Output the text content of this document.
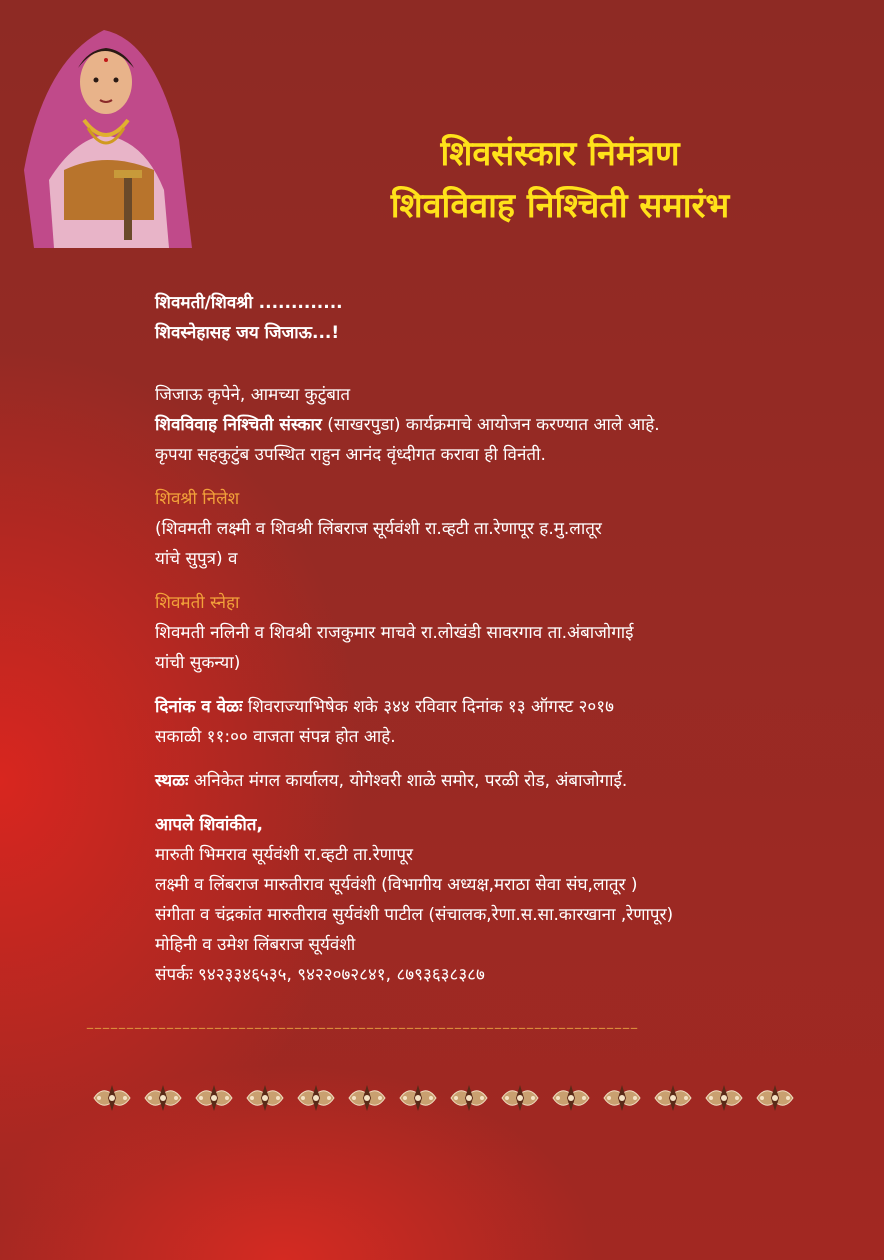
शिवसंस्कार निमंत्रण

शिवविवाह निश्चिती समारंभ

शिवमती/शिवश्री .............
शिवस्नेहासह जय जिजाऊ...!
जिजाऊ कृपेने, आमच्या कुटुंबात
शिवविवाह निश्चिती संस्कार (साखरपुडा) कार्यक्रमाचे आयोजन करण्यात आले आहे.
कृपया सहकुटुंब उपस्थित राहुन आनंद वृंध्दीगत करावा ही विनंती.
शिवश्री निलेश
(शिवमती लक्ष्मी व शिवश्री लिंबराज सूर्यवंशी रा.व्हटी ता.रेणापूर ह.मु.लातूर
यांचे सुपुत्र) व
शिवमती स्नेहा
शिवमती नलिनी व शिवश्री राजकुमार माचवे रा.लोखंडी सावरगाव ता.अंबाजोगाई
यांची सुकन्या)
दिनांक व वेळः शिवराज्याभिषेक शके ३४४ रविवार दिनांक १३ ऑगस्ट २०१७
सकाळी ११:०० वाजता संपन्न होत आहे.
स्थळः अनिकेत मंगल कार्यालय, योगेश्वरी शाळे समोर, परळी रोड, अंबाजोगाई.
आपले शिवांकीत,
मारुती भिमराव सूर्यवंशी रा.व्हटी ता.रेणापूर
लक्ष्मी व लिंबराज मारुतीराव सूर्यवंशी (विभागीय अध्यक्ष,मराठा सेवा संघ,लातूर )
संगीता व चंद्रकांत मारुतीराव सुर्यवंशी पाटील (संचालक,रेणा.स.सा.कारखाना ,रेणापूर)
मोहिनी व उमेश लिंबराज सूर्यवंशी
संपर्कः ९४२३३४६५३५, ९४२२०७२८४१, ८७९३६३८३८७
–––––––––––––––––––––––––––––––––––––––––––––––––––––––––––––––––––––
